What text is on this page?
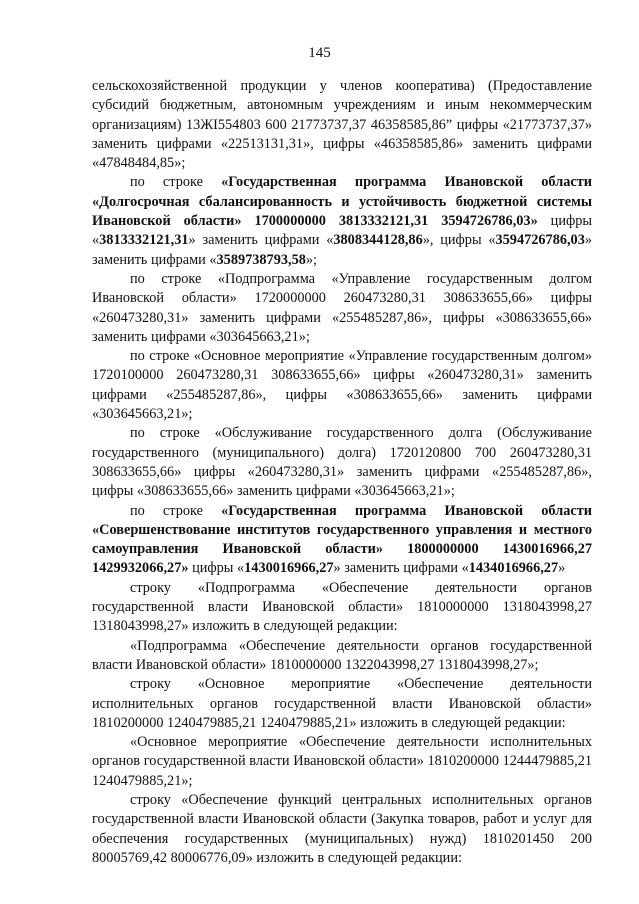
145

сельскохозяйственной продукции у членов кооператива) (Предоставление субсидий бюджетным, автономным учреждениям и иным некоммерческим организациям) 13ЖI554803 600 21773737,37 46358585,86” цифры «21773737,37» заменить цифрами «22513131,31», цифры «46358585,86» заменить цифрами «47848484,85»;

по строке «Государственная программа Ивановской области «Долгосрочная сбалансированность и устойчивость бюджетной системы Ивановской области» 1700000000 3813332121,31 3594726786,03» цифры «3813332121,31» заменить цифрами «3808344128,86», цифры «3594726786,03» заменить цифрами «3589738793,58»;

по строке «Подпрограмма «Управление государственным долгом Ивановской области» 1720000000 260473280,31 308633655,66» цифры «260473280,31» заменить цифрами «255485287,86», цифры «308633655,66» заменить цифрами «303645663,21»;

по строке «Основное мероприятие «Управление государственным долгом» 1720100000 260473280,31 308633655,66» цифры «260473280,31» заменить цифрами «255485287,86», цифры «308633655,66» заменить цифрами «303645663,21»;

по строке «Обслуживание государственного долга (Обслуживание государственного (муниципального) долга) 1720120800 700 260473280,31 308633655,66» цифры «260473280,31» заменить цифрами «255485287,86», цифры «308633655,66» заменить цифрами «303645663,21»;

по строке «Государственная программа Ивановской области «Совершенствование институтов государственного управления и местного самоуправления Ивановской области» 1800000000 1430016966,27 1429932066,27» цифры «1430016966,27» заменить цифрами «1434016966,27»

строку «Подпрограмма «Обеспечение деятельности органов государственной власти Ивановской области» 1810000000 1318043998,27 1318043998,27» изложить в следующей редакции:

«Подпрограмма «Обеспечение деятельности органов государственной власти Ивановской области» 1810000000 1322043998,27 1318043998,27»;

строку «Основное мероприятие «Обеспечение деятельности исполнительных органов государственной власти Ивановской области» 1810200000 1240479885,21 1240479885,21» изложить в следующей редакции:

«Основное мероприятие «Обеспечение деятельности исполнительных органов государственной власти Ивановской области» 1810200000 1244479885,21 1240479885,21»;

строку «Обеспечение функций центральных исполнительных органов государственной власти Ивановской области (Закупка товаров, работ и услуг для обеспечения государственных (муниципальных) нужд) 1810201450 200 80005769,42 80006776,09» изложить в следующей редакции:
